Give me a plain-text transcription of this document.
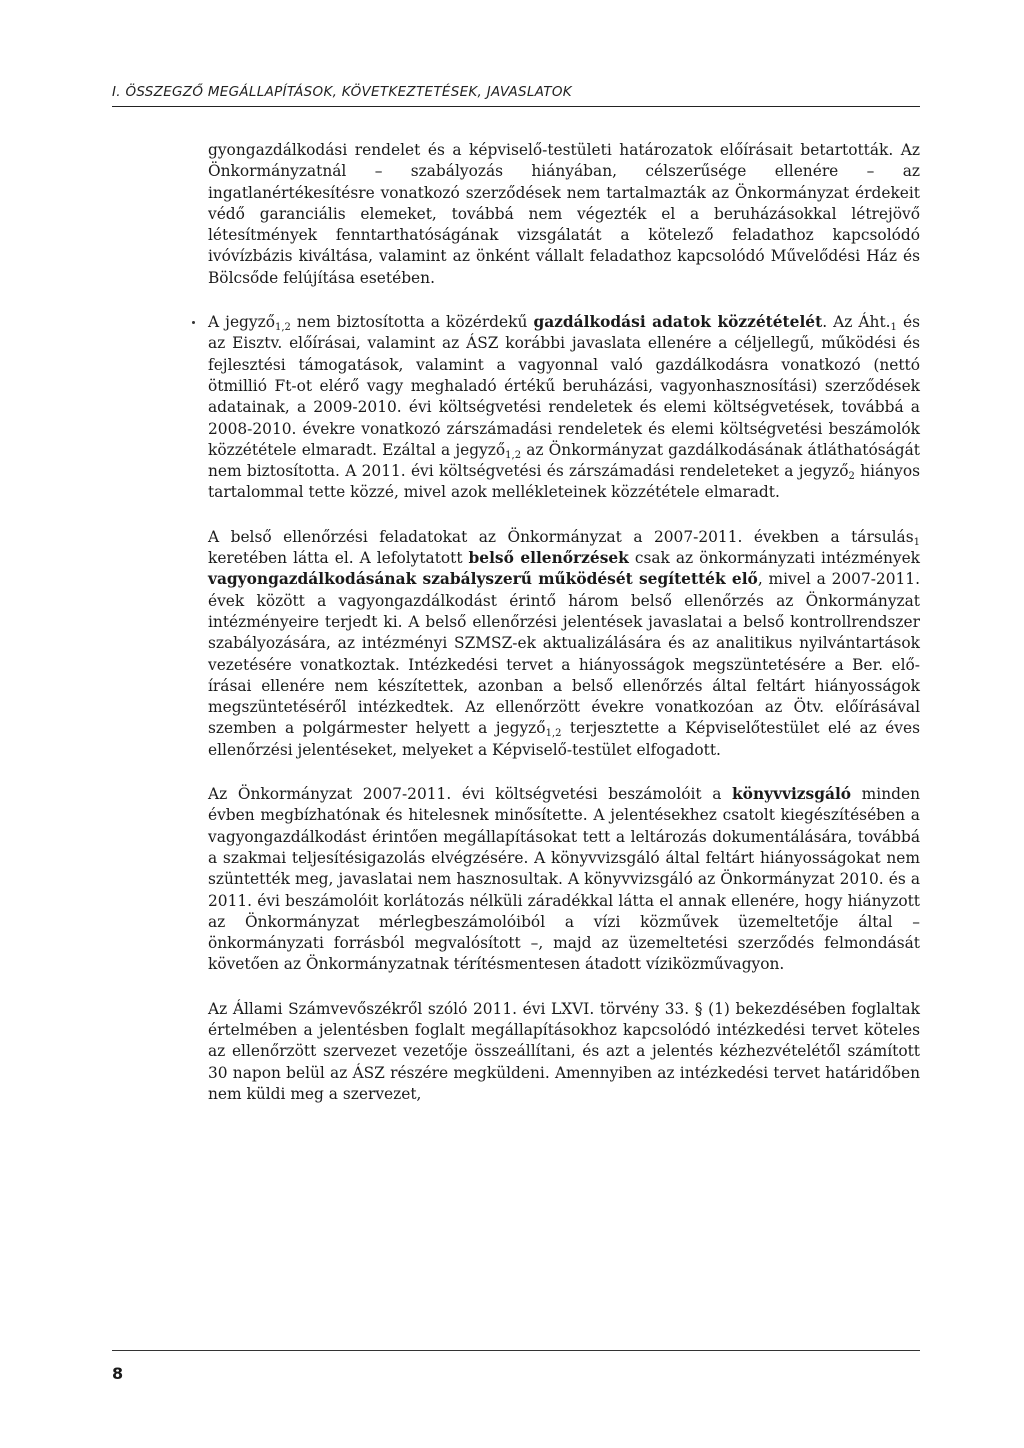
I. ÖSSZEGZŐ MEGÁLLAPÍTÁSOK, KÖVETKEZTETÉSEK, JAVASLATOK

gyongazdálkodási rendelet és a képviselő-testületi határozatok előírásait betartották. Az Önkormányzatnál – szabályozás hiányában, célszerűsége ellenére – az ingatlanértékesítésre vonatkozó szerződések nem tartalmazták az Önkormányzat érdekeit védő garanciális elemeket, továbbá nem végezték el a beruházásokkal létrejövő létesítmények fenntarthatóságának vizsgálatát a kötelező feladathoz kapcsolódó ivóvízbázis kiváltása, valamint az önként vállalt feladathoz kapcsolódó Művelődési Ház és Bölcsőde felújítása esetében.

A jegyző$_{1,2}$ nem biztosította a közérdekű gazdálkodási adatok közzétételét. Az $Áht._1$ és az Eisztv. előírásai, valamint az ÁSZ korábbi javaslata ellenére a céljellegű, működési és fejlesztési támogatások, valamint a vagyonnal való gazdálkodásra vonatkozó (nettó ötmillió Ft-ot elérő vagy meghaladó értékű beruházási, vagyonhasznosítási) szerződések adatainak, a 2009-2010. évi költségvetési rendeletek és elemi költségvetések, továbbá a 2008-2010. évekre vonatkozó zárszámadási rendeletek és elemi költségvetési beszámolók közzététele elmaradt. Ezáltal a jegyző$_{1,2}$ az Önkormányzat gazdálkodásának átláthatóságát nem biztosította. A 2011. évi költségvetési és zárszámadási rendeleteket a jegyző$_2$ hiányos tartalommal tette közzé, mivel azok mellékleteinek közzététele elmaradt.

A belső ellenőrzési feladatokat az Önkormányzat a 2007-2011. években a társulás$_1$ keretében látta el. A lefolytatott belső ellenőrzések csak az önkormányzati intézmények vagyongazdálkodásának szabályszerű működését segítették elő, mivel a 2007-2011. évek között a vagyongazdálkodást érintő három belső ellenőrzés az Önkormányzat intézményeire terjedt ki. A belső ellenőrzési jelentések javaslatai a belső kontrollrendszer szabályozására, az intézményi SZMSZ-ek aktualizálására és az analitikus nyilvántartások vezetésére vonatkoztak. Intézkedési tervet a hiányosságok megszüntetésére a Ber. előírásai ellenére nem készítettek, azonban a belső ellenőrzés által feltárt hiányosságok megszüntetéséről intézkedtek. Az ellenőrzött évekre vonatkozóan az Ötv. előírásával szemben a polgármester helyett a jegyző$_{1,2}$ terjesztette a Képviselőtestület elé az éves ellenőrzési jelentéseket, melyeket a Képviselő-testület elfogadott.

Az Önkormányzat 2007-2011. évi költségvetési beszámolóit a könyvvizsgáló minden évben megbízhatónak és hitelesnek minősítette. A jelentésekhez csatolt kiegészítésében a vagyongazdálkodást érintően megállapításokat tett a leltározás dokumentálására, továbbá a szakmai teljesítésigazolás elvégzésére. A könyvvizsgáló által feltárt hiányosságokat nem szüntették meg, javaslatai nem hasznosultak. A könyvvizsgáló az Önkormányzat 2010. és a 2011. évi beszámolóit korlátozás nélküli záradékkal látta el annak ellenére, hogy hiányzott az Önkormányzat mérlegbeszámolóiból a vízi közművek üzemeltetője által – önkormányzati forrásból megvalósított –, majd az üzemeltetési szerződés felmondását követően az Önkormányzatnak térítésmentesen átadott víziközművagyon.

Az Állami Számvevőszékről szóló 2011. évi LXVI. törvény 33. § (1) bekezdésében foglaltak értelmében a jelentésben foglalt megállapításokhoz kapcsolódó intézkedési tervet köteles az ellenőrzött szervezet vezetője összeállítani, és azt a jelentés kézhezvételétől számított 30 napon belül az ÁSZ részére megküldeni. Amennyiben az intézkedési tervet határidőben nem küldi meg a szervezet,

8
